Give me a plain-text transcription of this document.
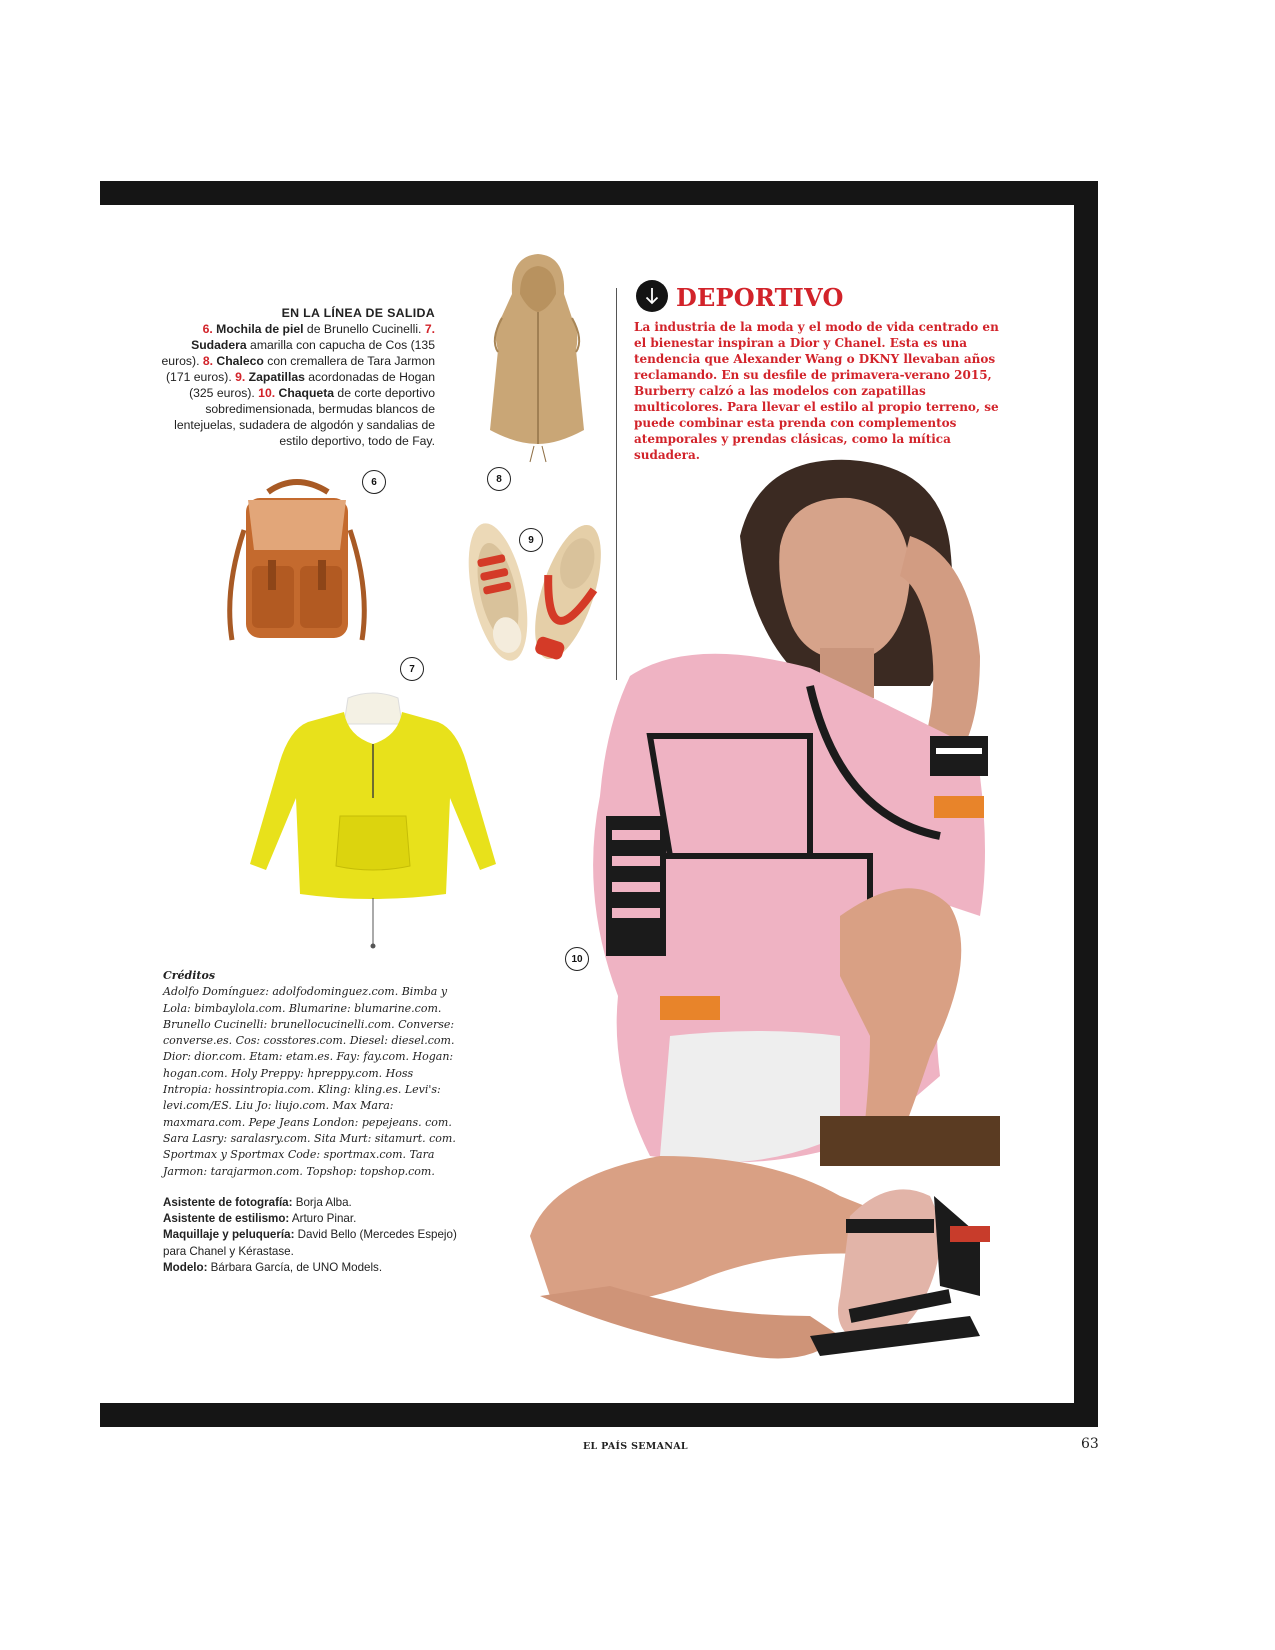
EN LA LÍNEA DE SALIDA
6. Mochila de piel de Brunello Cucinelli. 7. Sudadera amarilla con capucha de Cos (135 euros). 8. Chaleco con cremallera de Tara Jarmon (171 euros). 9. Zapatillas acordonadas de Hogan (325 euros). 10. Chaqueta de corte deportivo sobredimensionada, bermudas blancos de lentejuelas, sudadera de algodón y sandalias de estilo deportivo, todo de Fay.
DEPORTIVO
La industria de la moda y el modo de vida centrado en el bienestar inspiran a Dior y Chanel. Esta es una tendencia que Alexander Wang o DKNY llevaban años reclamando. En su desfile de primavera-verano 2015, Burberry calzó a las modelos con zapatillas multicolores. Para llevar el estilo al propio terreno, se puede combinar esta prenda con complementos atemporales y prendas clásicas, como la mítica sudadera.
8
6
9
7
10
Créditos
Adolfo Domínguez: adolfodominguez.com. Bimba y Lola: bimbaylola.com. Blumarine: blumarine.com. Brunello Cucinelli: brunellocucinelli.com. Converse: converse.es. Cos: cosstores.com. Diesel: diesel.com. Dior: dior.com. Etam: etam.es. Fay: fay.com. Hogan: hogan.com. Holy Preppy: hpreppy.com. Hoss Intropia: hossintropia.com. Kling: kling.es. Levi's: levi.com/ES. Liu Jo: liujo.com. Max Mara: maxmara.com. Pepe Jeans London: pepejeans. com. Sara Lasry: saralasry.com. Sita Murt: sitamurt. com. Sportmax y Sportmax Code: sportmax.com. Tara Jarmon: tarajarmon.com. Topshop: topshop.com.
Asistente de fotografía: Borja Alba.
Asistente de estilismo: Arturo Pinar.
Maquillaje y peluquería: David Bello (Mercedes Espejo) para Chanel y Kérastase.
Modelo: Bárbara García, de UNO Models.
EL PAÍS SEMANAL	63
